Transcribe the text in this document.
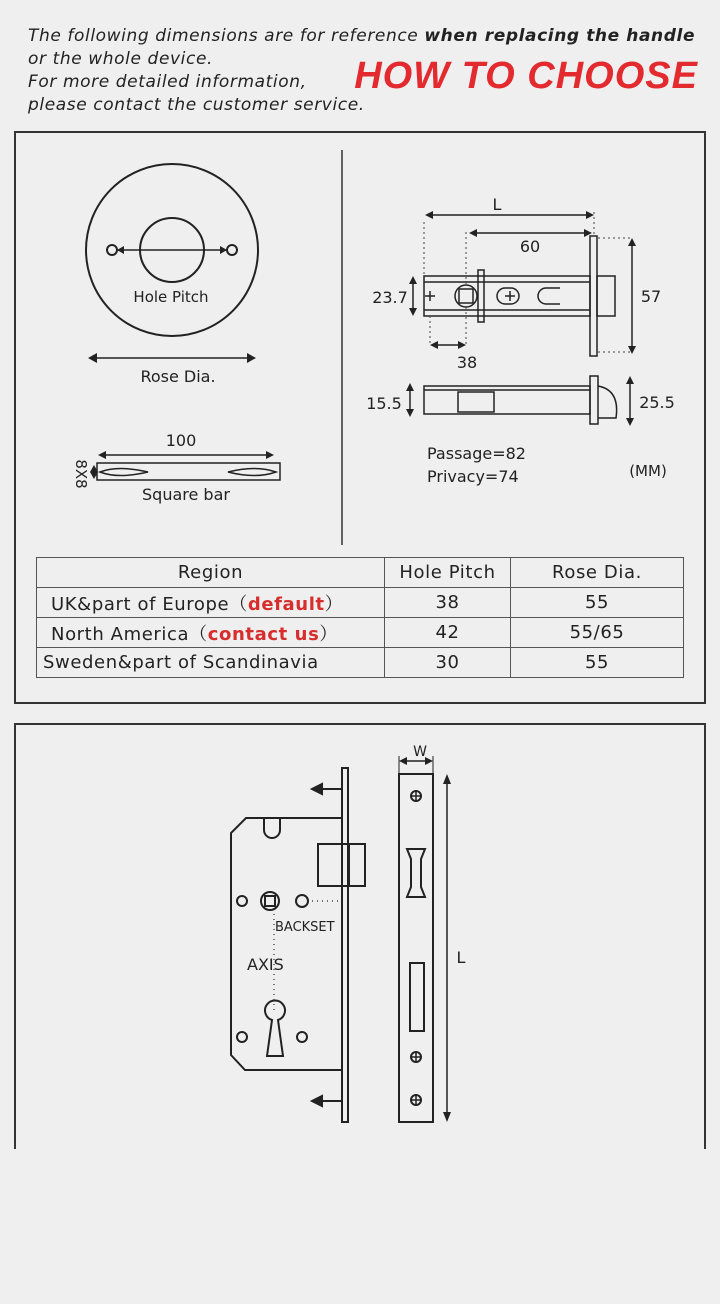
The following dimensions are for reference when replacing the handle
or the whole device.
For more detailed information,
please contact the customer service.
HOW TO CHOOSE
Hole Pitch
Rose Dia.
100
8X8
Square bar
L
60
23.7	57
38
15.5	25.5
Passage=82
Privacy=74	(MM)
Region	Hole Pitch	Rose Dia.
UK&part of Europe（default）	38	55
North America（contact us）	42	55/65
Sweden&part of Scandinavia	30	55
BACKSET
AXIS
W
L
